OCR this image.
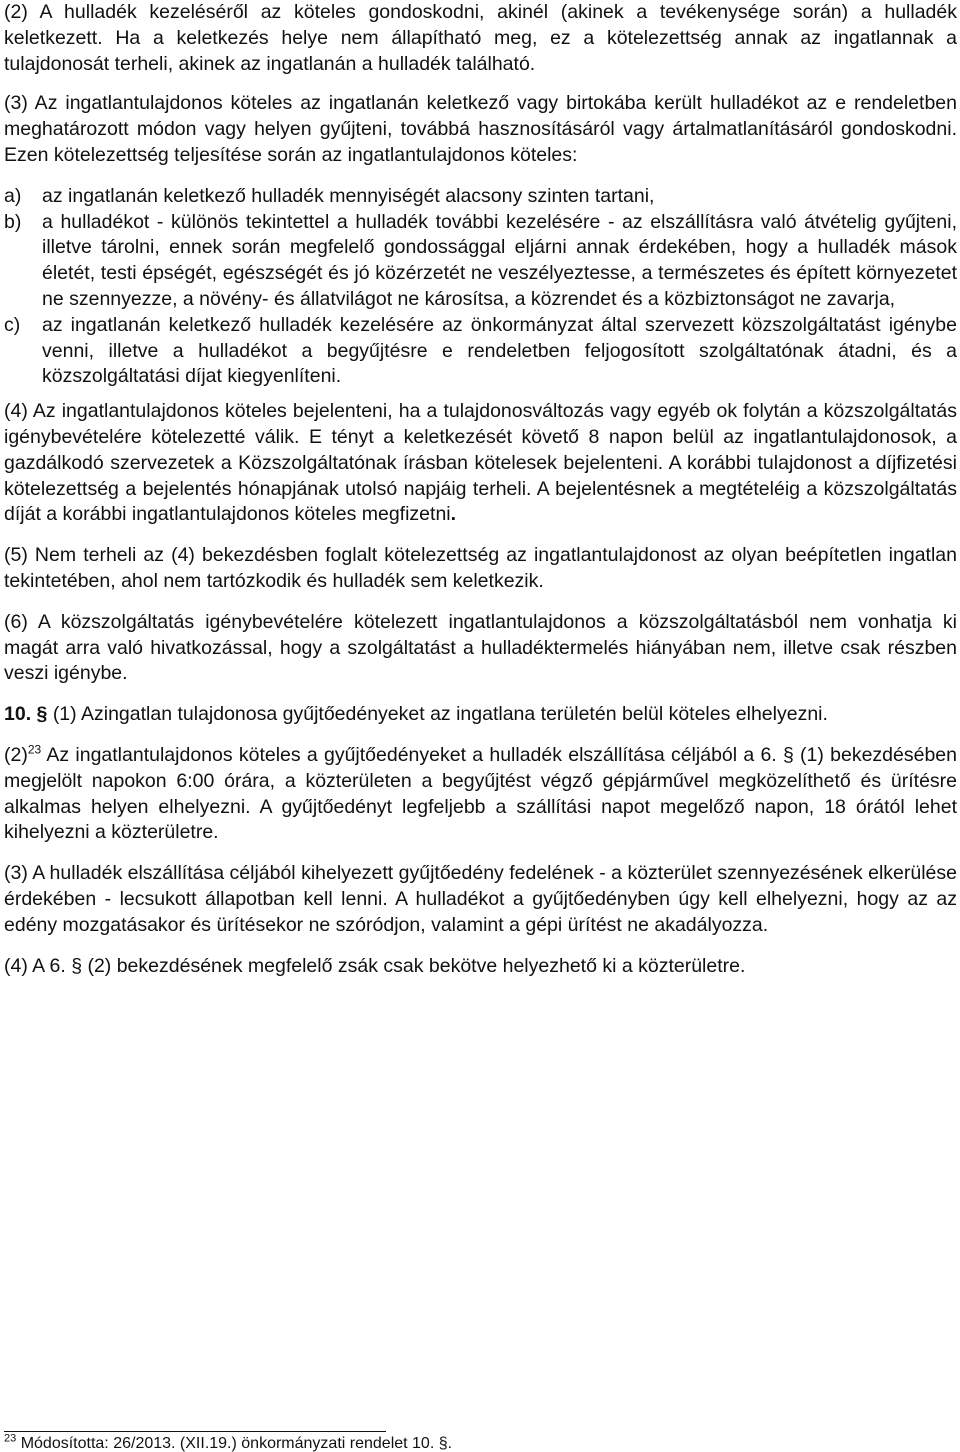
(2) A hulladék kezeléséről az köteles gondoskodni, akinél (akinek a tevékenysége során) a hulladék keletkezett. Ha a keletkezés helye nem állapítható meg, ez a kötelezettség annak az ingatlannak a tulajdonosát terheli, akinek az ingatlanán a hulladék található.

(3) Az ingatlantulajdonos köteles az ingatlanán keletkező vagy birtokába került hulladékot az e rendeletben meghatározott módon vagy helyen gyűjteni, továbbá hasznosításáról vagy ártalmatlanításáról gondoskodni. Ezen kötelezettség teljesítése során az ingatlantulajdonos köteles:

a)	az ingatlanán keletkező hulladék mennyiségét alacsony szinten tartani,
b)	a hulladékot - különös tekintettel a hulladék további kezelésére - az elszállításra való átvételig gyűjteni, illetve tárolni, ennek során megfelelő gondossággal eljárni annak érdekében, hogy a hulladék mások életét, testi épségét, egészségét és jó közérzetét ne veszélyeztesse, a természetes és épített környezetet ne szennyezze, a növény- és állatvilágot ne károsítsa, a közrendet és a közbiztonságot ne zavarja,
c)	az ingatlanán keletkező hulladék kezelésére az önkormányzat által szervezett közszolgáltatást igénybe venni, illetve a hulladékot a begyűjtésre e rendeletben feljogosított szolgáltatónak átadni, és a közszolgáltatási díjat kiegyenlíteni.

(4) Az ingatlantulajdonos köteles bejelenteni, ha a tulajdonosváltozás vagy egyéb ok folytán a közszolgáltatás igénybevételére kötelezetté válik. E tényt a keletkezését követő 8 napon belül az ingatlantulajdonosok, a gazdálkodó szervezetek a Közszolgáltatónak írásban kötelesek bejelenteni. A korábbi tulajdonost a díjfizetési kötelezettség a bejelentés hónapjának utolsó napjáig terheli. A bejelentésnek a megtételéig a közszolgáltatás díját a korábbi ingatlantulajdonos köteles megfizetni.

(5) Nem terheli az (4) bekezdésben foglalt kötelezettség az ingatlantulajdonost az olyan beépítetlen ingatlan tekintetében, ahol nem tartózkodik és hulladék sem keletkezik.

(6) A közszolgáltatás igénybevételére kötelezett ingatlantulajdonos a közszolgáltatásból nem vonhatja ki magát arra való hivatkozással, hogy a szolgáltatást a hulladéktermelés hiányában nem, illetve csak részben veszi igénybe.

10. § (1) Azingatlan tulajdonosa gyűjtőedényeket az ingatlana területén belül köteles elhelyezni.

$(2)^{23}$ Az ingatlantulajdonos köteles a gyűjtőedényeket a hulladék elszállítása céljából a 6. § (1) bekezdésében megjelölt napokon 6:00 órára, a közterületen a begyűjtést végző gépjárművel megközelíthető és ürítésre alkalmas helyen elhelyezni. A gyűjtőedényt legfeljebb a szállítási napot megelőző napon, 18 órától lehet kihelyezni a közterületre.

(3) A hulladék elszállítása céljából kihelyezett gyűjtőedény fedelének - a közterület szennyezésének elkerülése érdekében - lecsukott állapotban kell lenni. A hulladékot a gyűjtőedényben úgy kell elhelyezni, hogy az az edény mozgatásakor és ürítésekor ne szóródjon, valamint a gépi ürítést ne akadályozza.

(4) A 6. § (2) bekezdésének megfelelő zsák csak bekötve helyezhető ki a közterületre.

$^{23}$ Módosította: 26/2013. (XII.19.) önkormányzati rendelet 10. §.
